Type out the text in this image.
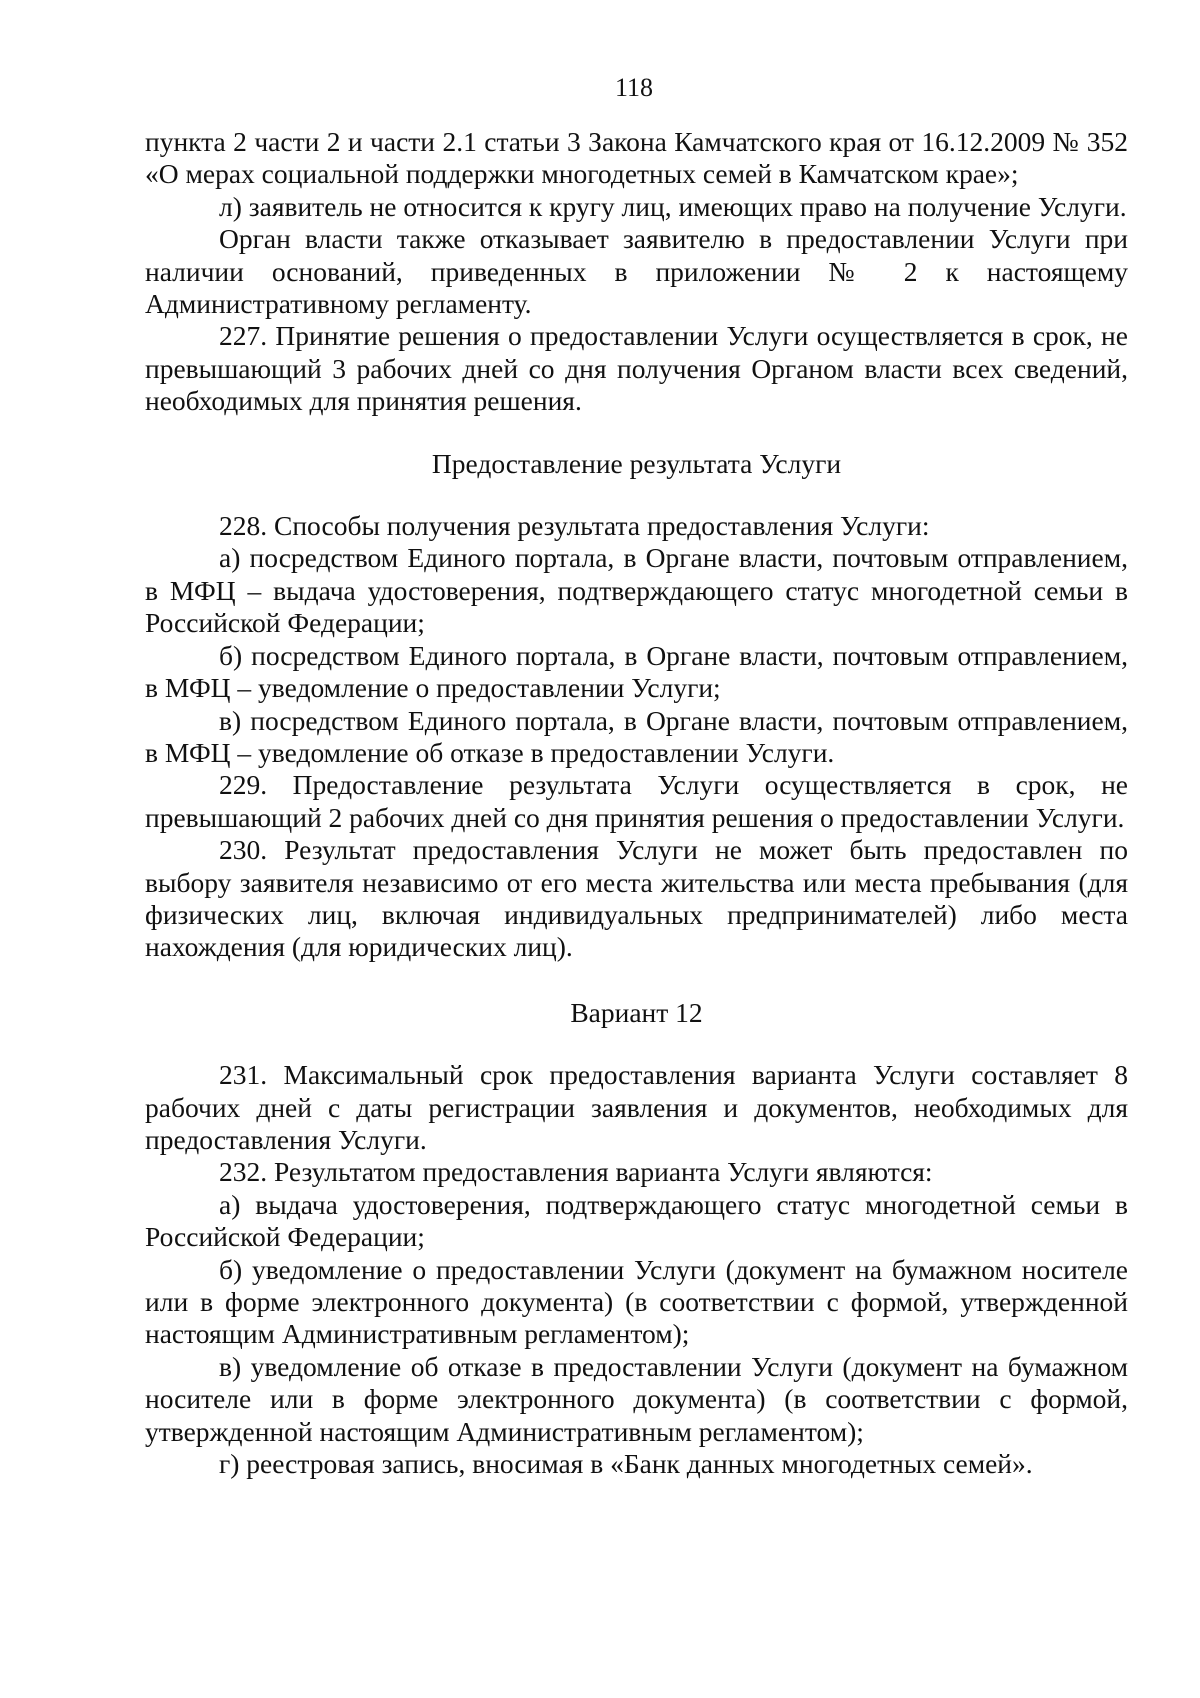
118

пункта 2 части 2 и части 2.1 статьи 3 Закона Камчатского края от 16.12.2009 № 352 «О мерах социальной поддержки многодетных семей в Камчатском крае»;

л) заявитель не относится к кругу лиц, имеющих право на получение Услуги.

Орган власти также отказывает заявителю в предоставлении Услуги при наличии оснований, приведенных в приложении № 2 к настоящему Административному регламенту.

227. Принятие решения о предоставлении Услуги осуществляется в срок, не превышающий 3 рабочих дней со дня получения Органом власти всех сведений, необходимых для принятия решения.

Предоставление результата Услуги

228. Способы получения результата предоставления Услуги:

а) посредством Единого портала, в Органе власти, почтовым отправлением, в МФЦ – выдача удостоверения, подтверждающего статус многодетной семьи в Российской Федерации;

б) посредством Единого портала, в Органе власти, почтовым отправлением, в МФЦ – уведомление о предоставлении Услуги;

в) посредством Единого портала, в Органе власти, почтовым отправлением, в МФЦ – уведомление об отказе в предоставлении Услуги.

229. Предоставление результата Услуги осуществляется в срок, не превышающий 2 рабочих дней со дня принятия решения о предоставлении Услуги.

230. Результат предоставления Услуги не может быть предоставлен по выбору заявителя независимо от его места жительства или места пребывания (для физических лиц, включая индивидуальных предпринимателей) либо места нахождения (для юридических лиц).

Вариант 12

231. Максимальный срок предоставления варианта Услуги составляет 8 рабочих дней с даты регистрации заявления и документов, необходимых для предоставления Услуги.

232. Результатом предоставления варианта Услуги являются:

а) выдача удостоверения, подтверждающего статус многодетной семьи в Российской Федерации;

б) уведомление о предоставлении Услуги (документ на бумажном носителе или в форме электронного документа) (в соответствии с формой, утвержденной настоящим Административным регламентом);

в) уведомление об отказе в предоставлении Услуги (документ на бумажном носителе или в форме электронного документа) (в соответствии с формой, утвержденной настоящим Административным регламентом);

г) реестровая запись, вносимая в «Банк данных многодетных семей».
